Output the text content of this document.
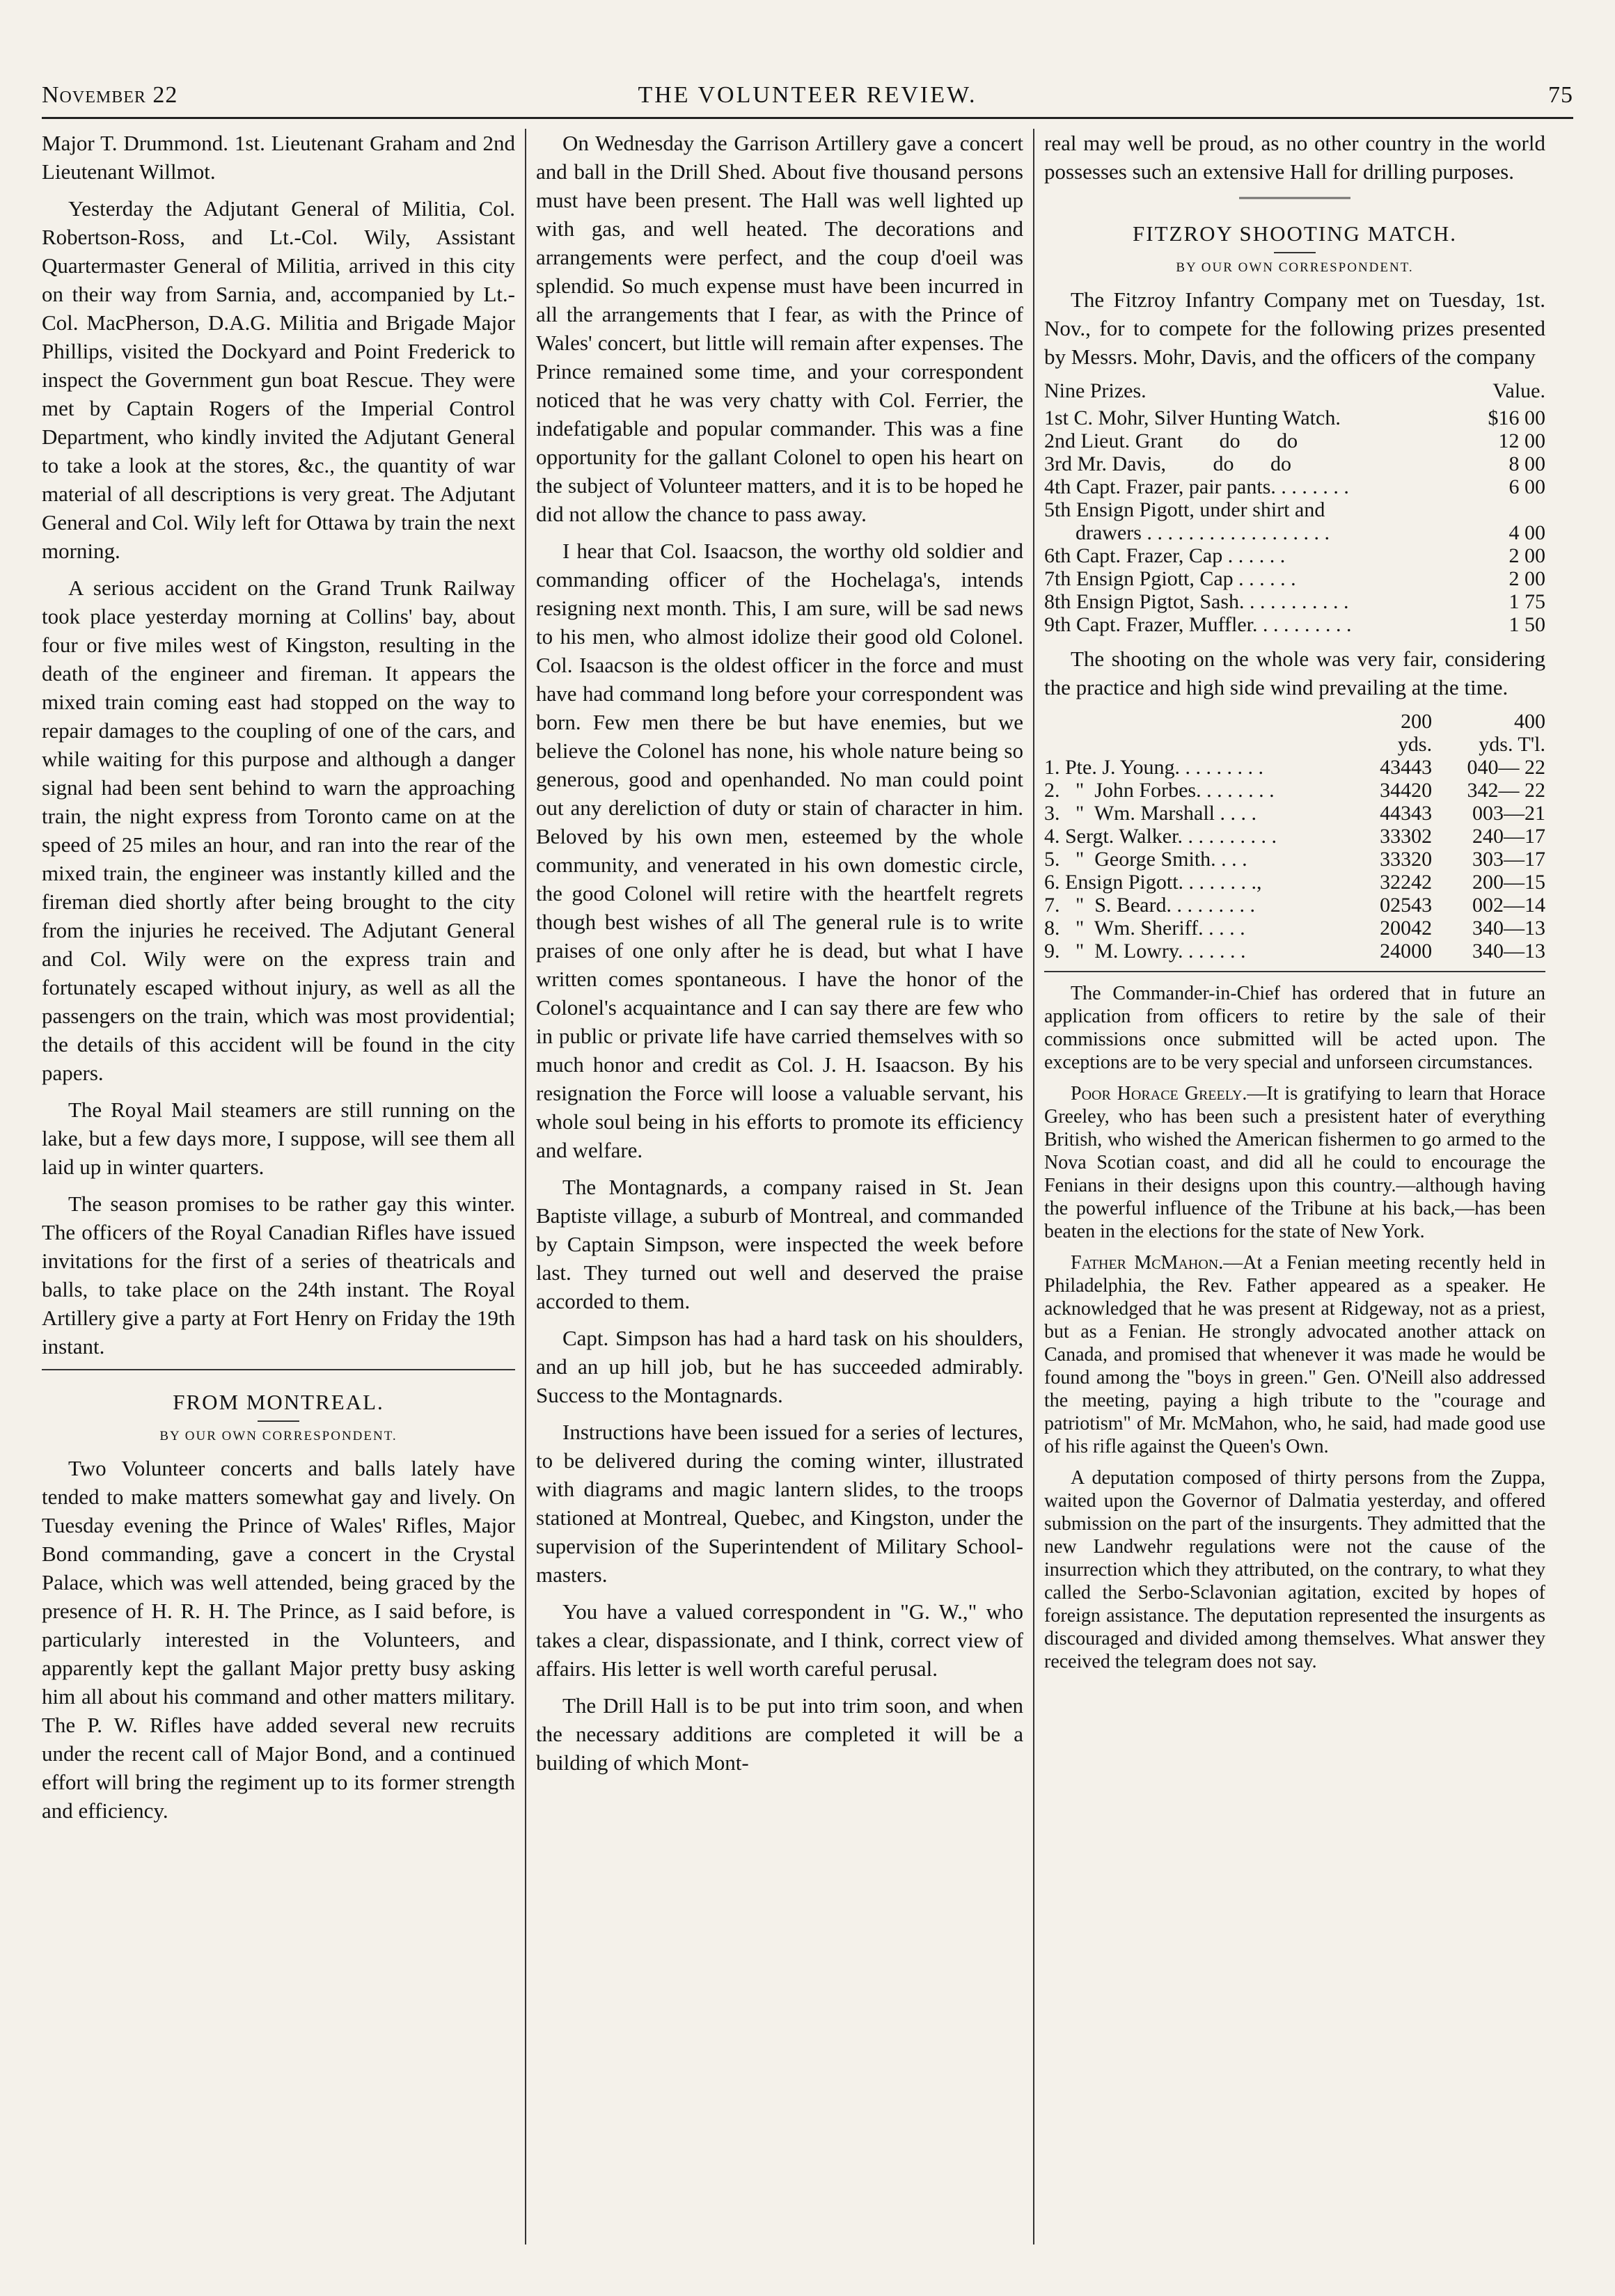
THE VOLUNTEER REVIEW.
November 22	75

Major T. Drummond. 1st. Lieutenant Graham and 2nd Lieutenant Willmot.

Yesterday the Adjutant General of Militia, Col. Robertson-Ross, and Lt.-Col. Wily, Assistant Quartermaster General of Militia, arrived in this city on their way from Sarnia, and, accompanied by Lt.-Col. MacPherson, D.A.G. Militia and Brigade Major Phillips, visited the Dockyard and Point Frederick to inspect the Government gun boat Rescue. They were met by Captain Rogers of the Imperial Control Department, who kindly invited the Adjutant General to take a look at the stores, &c., the quantity of war material of all descriptions is very great. The Adjutant General and Col. Wily left for Ottawa by train the next morning.

A serious accident on the Grand Trunk Railway took place yesterday morning at Collins' bay, about four or five miles west of Kingston, resulting in the death of the engineer and fireman. It appears the mixed train coming east had stopped on the way to repair damages to the coupling of one of the cars, and while waiting for this purpose and although a danger signal had been sent behind to warn the approaching train, the night express from Toronto came on at the speed of 25 miles an hour, and ran into the rear of the mixed train, the engineer was instantly killed and the fireman died shortly after being brought to the city from the injuries he received. The Adjutant General and Col. Wily were on the express train and fortunately escaped without injury, as well as all the passengers on the train, which was most providential; the details of this accident will be found in the city papers.

The Royal Mail steamers are still running on the lake, but a few days more, I suppose, will see them all laid up in winter quarters.

The season promises to be rather gay this winter. The officers of the Royal Canadian Rifles have issued invitations for the first of a series of theatricals and balls, to take place on the 24th instant. The Royal Artillery give a party at Fort Henry on Friday the 19th instant.

FROM MONTREAL.
BY OUR OWN CORRESPONDENT.

Two Volunteer concerts and balls lately have tended to make matters somewhat gay and lively. On Tuesday evening the Prince of Wales' Rifles, Major Bond commanding, gave a concert in the Crystal Palace, which was well attended, being graced by the presence of H. R. H. The Prince, as I said before, is particularly interested in the Volunteers, and apparently kept the gallant Major pretty busy asking him all about his command and other matters military. The P. W. Rifles have added several new recruits under the recent call of Major Bond, and a continued effort will bring the regiment up to its former strength and efficiency.

On Wednesday the Garrison Artillery gave a concert and ball in the Drill Shed. About five thousand persons must have been present. The Hall was well lighted up with gas, and well heated. The decorations and arrangements were perfect, and the coup d'oeil was splendid. So much expense must have been incurred in all the arrangements that I fear, as with the Prince of Wales' concert, but little will remain after expenses. The Prince remained some time, and your correspondent noticed that he was very chatty with Col. Ferrier, the indefatigable and popular commander. This was a fine opportunity for the gallant Colonel to open his heart on the subject of Volunteer matters, and it is to be hoped he did not allow the chance to pass away.

I hear that Col. Isaacson, the worthy old soldier and commanding officer of the Hochelaga's, intends resigning next month. This, I am sure, will be sad news to his men, who almost idolize their good old Colonel. Col. Isaacson is the oldest officer in the force and must have had command long before your correspondent was born. Few men there be but have enemies, but we believe the Colonel has none, his whole nature being so generous, good and openhanded. No man could point out any dereliction of duty or stain of character in him. Beloved by his own men, esteemed by the whole community, and venerated in his own domestic circle, the good Colonel will retire with the heartfelt regrets though best wishes of all The general rule is to write praises of one only after he is dead, but what I have written comes spontaneous. I have the honor of the Colonel's acquaintance and I can say there are few who in public or private life have carried themselves with so much honor and credit as Col. J. H. Isaacson. By his resignation the Force will loose a valuable servant, his whole soul being in his efforts to promote its efficiency and welfare.

The Montagnards, a company raised in St. Jean Baptiste village, a suburb of Montreal, and commanded by Captain Simpson, were inspected the week before last. They turned out well and deserved the praise accorded to them.

Capt. Simpson has had a hard task on his shoulders, and an up hill job, but he has succeeded admirably. Success to the Montagnards.

Instructions have been issued for a series of lectures, to be delivered during the coming winter, illustrated with diagrams and magic lantern slides, to the troops stationed at Montreal, Quebec, and Kingston, under the supervision of the Superintendent of Military School-masters.

You have a valued correspondent in "G. W.," who takes a clear, dispassionate, and I think, correct view of affairs. His letter is well worth careful perusal.

The Drill Hall is to be put into trim soon, and when the necessary additions are completed it will be a building of which Mont-

real may well be proud, as no other country in the world possesses such an extensive Hall for drilling purposes.

FITZROY SHOOTING MATCH.
BY OUR OWN CORRESPONDENT.

The Fitzroy Infantry Company met on Tuesday, 1st. Nov., for to compete for the following prizes presented by Messrs. Mohr, Davis, and the officers of the company

Nine Prizes.	Value.
1st C. Mohr, Silver Hunting Watch.	$16 00
2nd Lieut. Grant       do       do	12 00
3rd Mr. Davis,         do       do	8 00
4th Capt. Frazer, pair pants. . . . . . . .	6 00
5th Ensign Pigott, under shirt and
drawers . . . . . . . . . . . . . . . . . .	4 00
6th Capt. Frazer, Cap . . . . . .	2 00
7th Ensign Pgiott, Cap . . . . . .	2 00
8th Ensign Pigtot, Sash. . . . . . . . . . .	1 75
9th Capt. Frazer, Muffler. . . . . . . . . .	1 50

The shooting on the whole was very fair, considering the practice and high side wind prevailing at the time.

	200	400
	yds.	yds. T'l.
1. Pte. J. Young. . . . . . . . .	43443	040— 22
2.   "  John Forbes. . . . . . . .	34420	342— 22
3.   "  Wm. Marshall . . . .	44343	003—21
4. Sergt. Walker. . . . . . . . . .	33302	240—17
5.   "  George Smith. . . .	33320	303—17
6. Ensign Pigott. . . . . . . .,	32242	200—15
7.   "  S. Beard. . . . . . . . .	02543	002—14
8.   "  Wm. Sheriff. . . . .	20042	340—13
9.   "  M. Lowry. . . . . . .	24000	340—13

The Commander-in-Chief has ordered that in future an application from officers to retire by the sale of their commissions once submitted will be acted upon. The exceptions are to be very special and unforseen circumstances.

Poor Horace Greely.—It is gratifying to learn that Horace Greeley, who has been such a presistent hater of everything British, who wished the American fishermen to go armed to the Nova Scotian coast, and did all he could to encourage the Fenians in their designs upon this country.—although having the powerful influence of the Tribune at his back,—has been beaten in the elections for the state of New York.

Father McMahon.—At a Fenian meeting recently held in Philadelphia, the Rev. Father appeared as a speaker. He acknowledged that he was present at Ridgeway, not as a priest, but as a Fenian. He strongly advocated another attack on Canada, and promised that whenever it was made he would be found among the "boys in green." Gen. O'Neill also addressed the meeting, paying a high tribute to the "courage and patriotism" of Mr. McMahon, who, he said, had made good use of his rifle against the Queen's Own.

A deputation composed of thirty persons from the Zuppa, waited upon the Governor of Dalmatia yesterday, and offered submission on the part of the insurgents. They admitted that the new Landwehr regulations were not the cause of the insurrection which they attributed, on the contrary, to what they called the Serbo-Sclavonian agitation, excited by hopes of foreign assistance. The deputation represented the insurgents as discouraged and divided among themselves. What answer they received the telegram does not say.
